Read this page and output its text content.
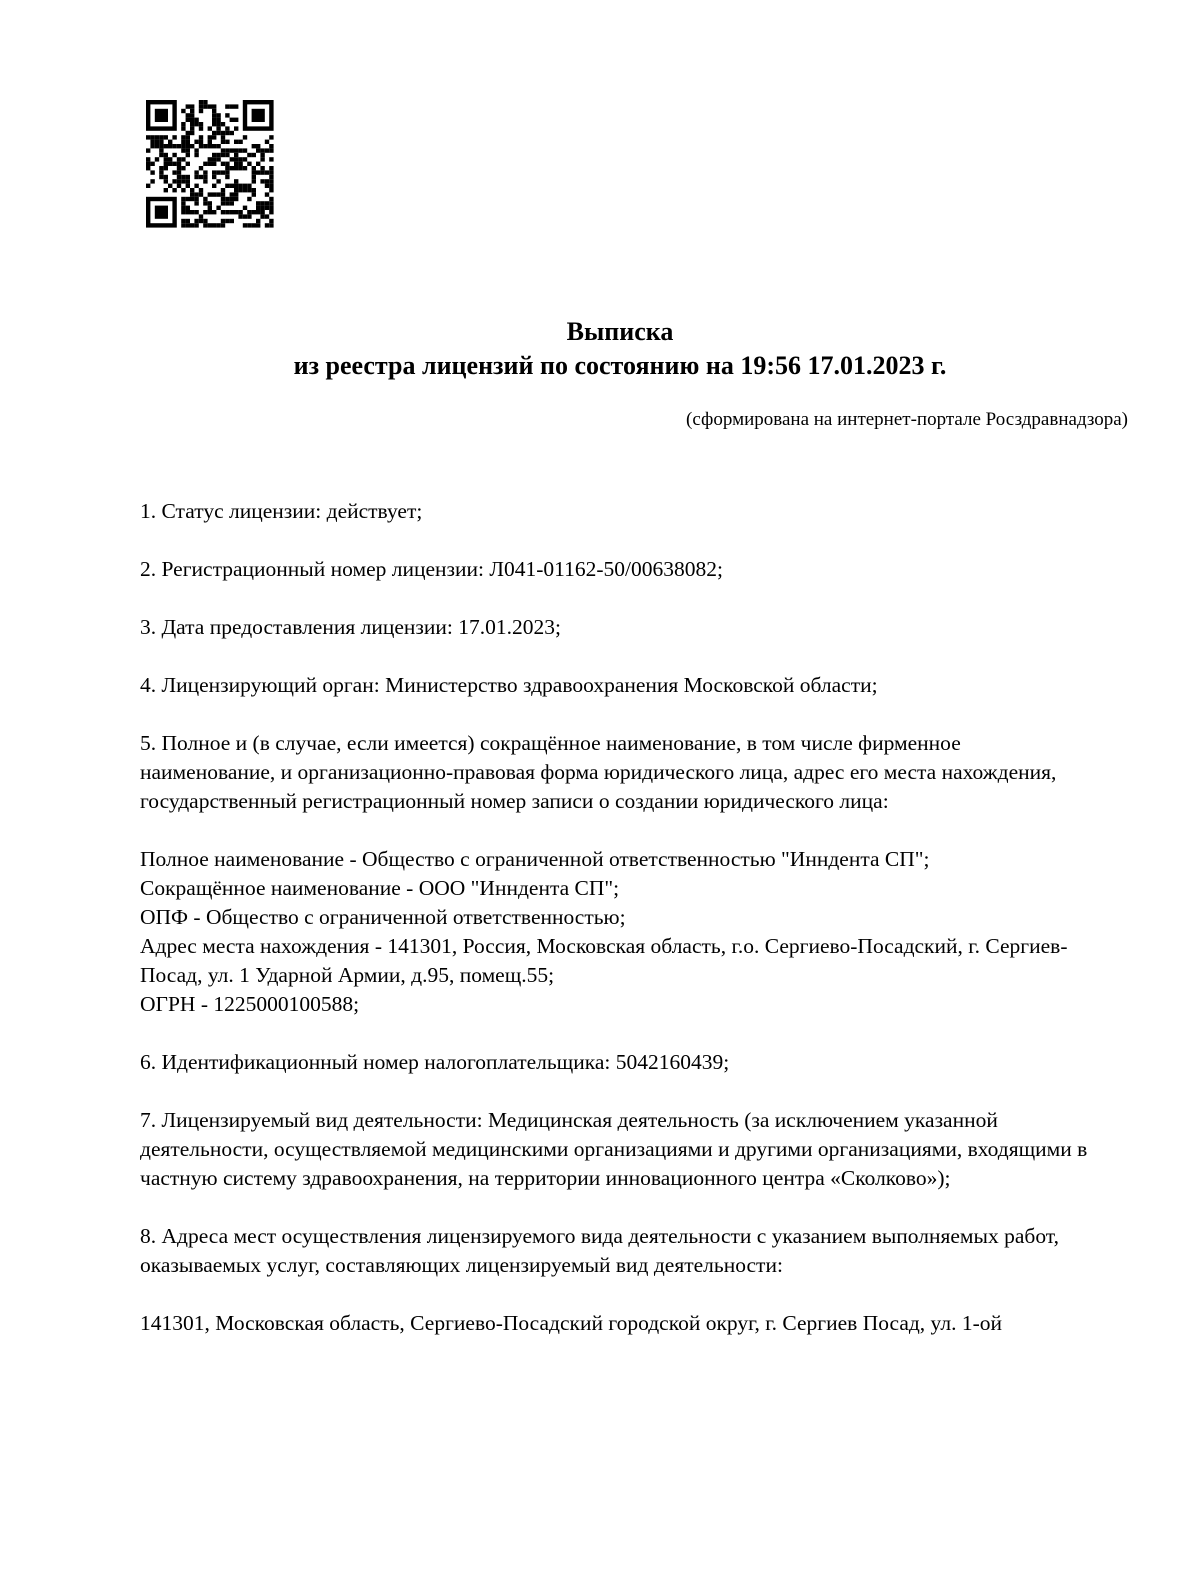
Выписка
из реестра лицензий по состоянию на 19:56 17.01.2023 г.
(сформирована на интернет-портале Росздравнадзора)

1. Статус лицензии: действует;

2. Регистрационный номер лицензии: Л041-01162-50/00638082;

3. Дата предоставления лицензии: 17.01.2023;

4. Лицензирующий орган: Министерство здравоохранения Московской области;

5. Полное и (в случае, если имеется) сокращённое наименование, в том числе фирменное наименование, и организационно-правовая форма юридического лица, адрес его места нахождения, государственный регистрационный номер записи о создании юридического лица:

Полное наименование - Общество с ограниченной ответственностью "Инндента СП";
Сокращённое наименование - ООО "Инндента СП";
ОПФ - Общество с ограниченной ответственностью;
Адрес места нахождения - 141301, Россия, Московская область, г.о. Сергиево-Посадский, г. Сергиев-Посад, ул. 1 Ударной Армии, д.95, помещ.55;
ОГРН - 1225000100588;

6. Идентификационный номер налогоплательщика: 5042160439;

7. Лицензируемый вид деятельности: Медицинская деятельность (за исключением указанной деятельности, осуществляемой медицинскими организациями и другими организациями, входящими в частную систему здравоохранения, на территории инновационного центра «Сколково»);

8. Адреса мест осуществления лицензируемого вида деятельности с указанием выполняемых работ, оказываемых услуг, составляющих лицензируемый вид деятельности:

141301, Московская область, Сергиево-Посадский городской округ, г. Сергиев Посад, ул. 1-ой
